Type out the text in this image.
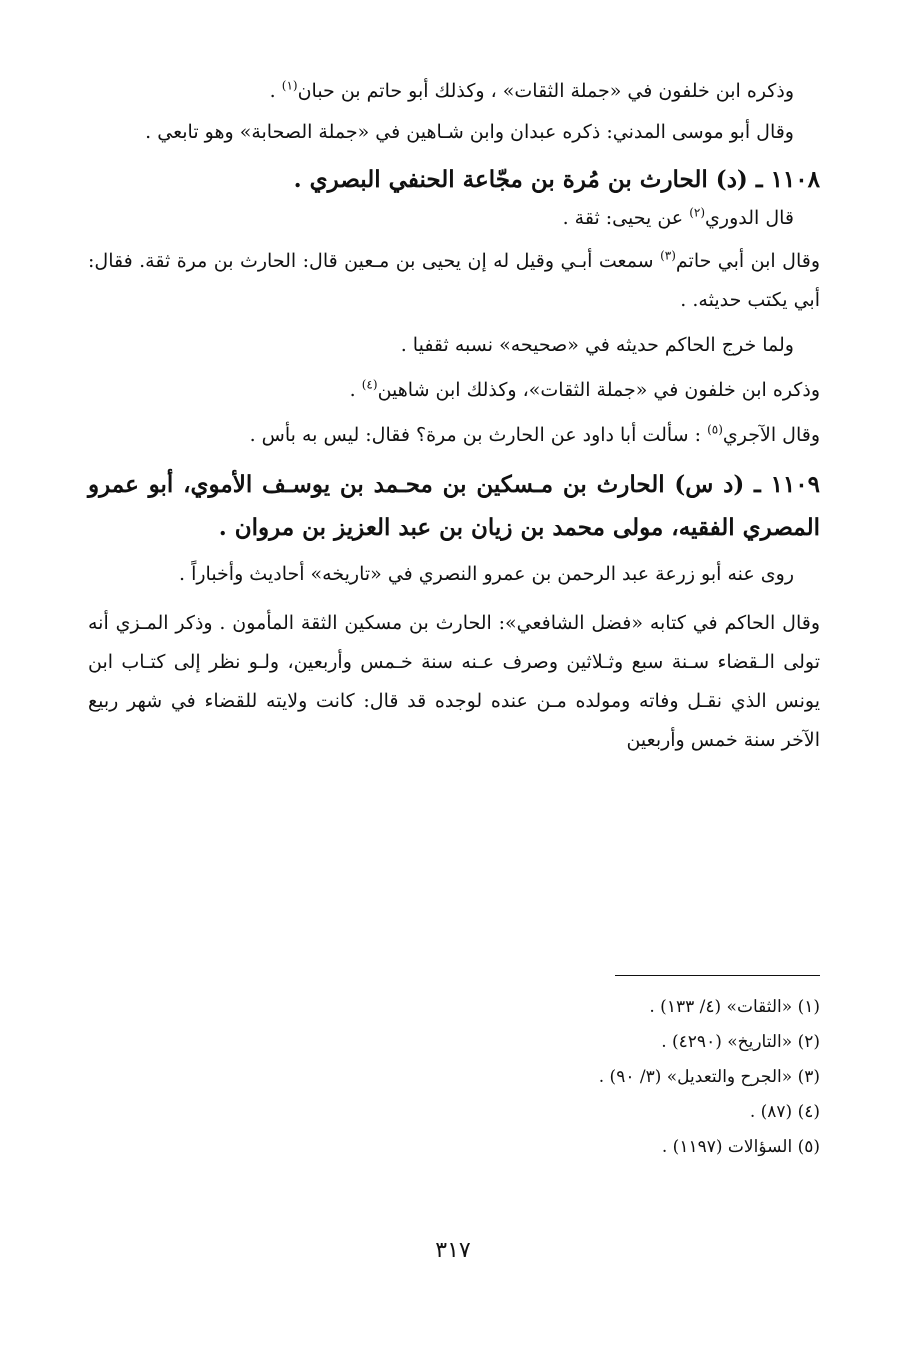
وذكره ابن خلفون في «جملة الثقات» ، وكذلك أبو حاتم بن حبان$^{(١)}$ .

وقال أبو موسى المدني: ذكره عبدان وابن شـاهين في «جملة الصحابة» وهو تابعي .

١١٠٨ ـ (د) الحارث بن مُرة بن مجّاعة الحنفي البصري .

قال الدوري$^{(٢)}$ عن يحيى: ثقة .

وقال ابن أبي حاتم$^{(٣)}$ سمعت أبـي وقيل له إن يحيى بن مـعين قال: الحارث بن مرة ثقة. فقال: أبي يكتب حديثه. .

ولما خرج الحاكم حديثه في «صحيحه» نسبه ثقفيا .

وذكره ابن خلفون في «جملة الثقات»، وكذلك ابن شاهين$^{(٤)}$ .

وقال الآجري$^{(٥)}$ : سألت أبا داود عن الحارث بن مرة؟ فقال: ليس به بأس .

١١٠٩ ـ (د س) الحارث بن مـسكين بن محـمد بن يوسـف الأموي، أبو عمرو المصري الفقيه، مولى محمد بن زيان بن عبد العزيز بن مروان .

روى عنه أبو زرعة عبد الرحمن بن عمرو النصري في «تاريخه» أحاديث وأخباراً .

وقال الحاكم في كتابه «فضل الشافعي»: الحارث بن مسكين الثقة المأمون . وذكر المـزي أنه تولى الـقضاء سـنة سبع وثـلاثين وصرف عـنه سنة خـمس وأربعين، ولـو نظر إلى كتـاب ابن يونس الذي نقـل وفاته ومولده مـن عنده لوجده قد قال: كانت ولايته للقضاء في شهر ربيع الآخر سنة خمس وأربعين

(١) «الثقات» (٤/ ١٣٣) .

(٢) «التاريخ» (٤٢٩٠) .

(٣) «الجرح والتعديل» (٣/ ٩٠) .

(٤) (٨٧) .

(٥) السؤالات (١١٩٧) .

٣١٧
